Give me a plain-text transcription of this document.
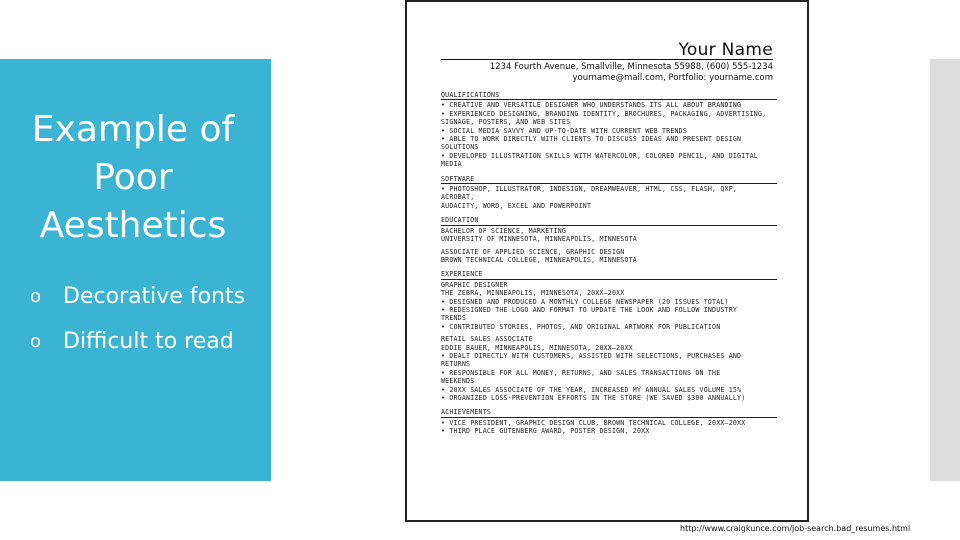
Example of
Poor
Aesthetics
o Decorative fonts
o Difficult to read
Your Name
1234 Fourth Avenue, Smallville, Minnesota 55988, (600) 555-1234
yourname@mail.com, Portfolio: yourname.com
QUALIFICATIONS
• CREATIVE AND VERSATILE DESIGNER WHO UNDERSTANDS ITS ALL ABOUT BRANDING
• EXPERIENCED DESIGNING, BRANDING IDENTITY, BROCHURES, PACKAGING, ADVERTISING,
SIGNAGE, POSTERS, AND WEB SITES
• SOCIAL MEDIA SAVVY AND UP-TO-DATE WITH CURRENT WEB TRENDS
• ABLE TO WORK DIRECTLY WITH CLIENTS TO DISCUSS IDEAS AND PRESENT DESIGN
SOLUTIONS
• DEVELOPED ILLUSTRATION SKILLS WITH WATERCOLOR, COLORED PENCIL, AND DIGITAL
MEDIA
SOFTWARE
• PHOTOSHOP, ILLUSTRATOR, INDESIGN, DREAMWEAVER, HTML, CSS, FLASH, QXP,
ACROBAT,
AUDACITY, WORD, EXCEL AND POWERPOINT
EDUCATION
BACHELOR OF SCIENCE, MARKETING
UNIVERSITY OF MINNESOTA, MINNEAPOLIS, MINNESOTA
ASSOCIATE OF APPLIED SCIENCE, GRAPHIC DESIGN
BROWN TECHNICAL COLLEGE, MINNEAPOLIS, MINNESOTA
EXPERIENCE
GRAPHIC DESIGNER
THE ZEBRA, MINNEAPOLIS, MINNESOTA, 20XX–20XX
• DESIGNED AND PRODUCED A MONTHLY COLLEGE NEWSPAPER (20 ISSUES TOTAL)
• REDESIGNED THE LOGO AND FORMAT TO UPDATE THE LOOK AND FOLLOW INDUSTRY
TRENDS
• CONTRIBUTED STORIES, PHOTOS, AND ORIGINAL ARTWORK FOR PUBLICATION
RETAIL SALES ASSOCIATE
EDDIE BAUER, MINNEAPOLIS, MINNESOTA, 20XX–20XX
• DEALT DIRECTLY WITH CUSTOMERS, ASSISTED WITH SELECTIONS, PURCHASES AND
RETURNS
• RESPONSIBLE FOR ALL MONEY, RETURNS, AND SALES TRANSACTIONS ON THE
WEEKENDS
• 20XX SALES ASSOCIATE OF THE YEAR, INCREASED MY ANNUAL SALES VOLUME 15%
• ORGANIZED LOSS-PREVENTION EFFORTS IN THE STORE (WE SAVED $300 ANNUALLY)
ACHIEVEMENTS
• VICE PRESIDENT, GRAPHIC DESIGN CLUB, BROWN TECHNICAL COLLEGE, 20XX–20XX
• THIRD PLACE GUTENBERG AWARD, POSTER DESIGN, 20XX
http://www.craigkunce.com/job-search.bad_resumes.html
